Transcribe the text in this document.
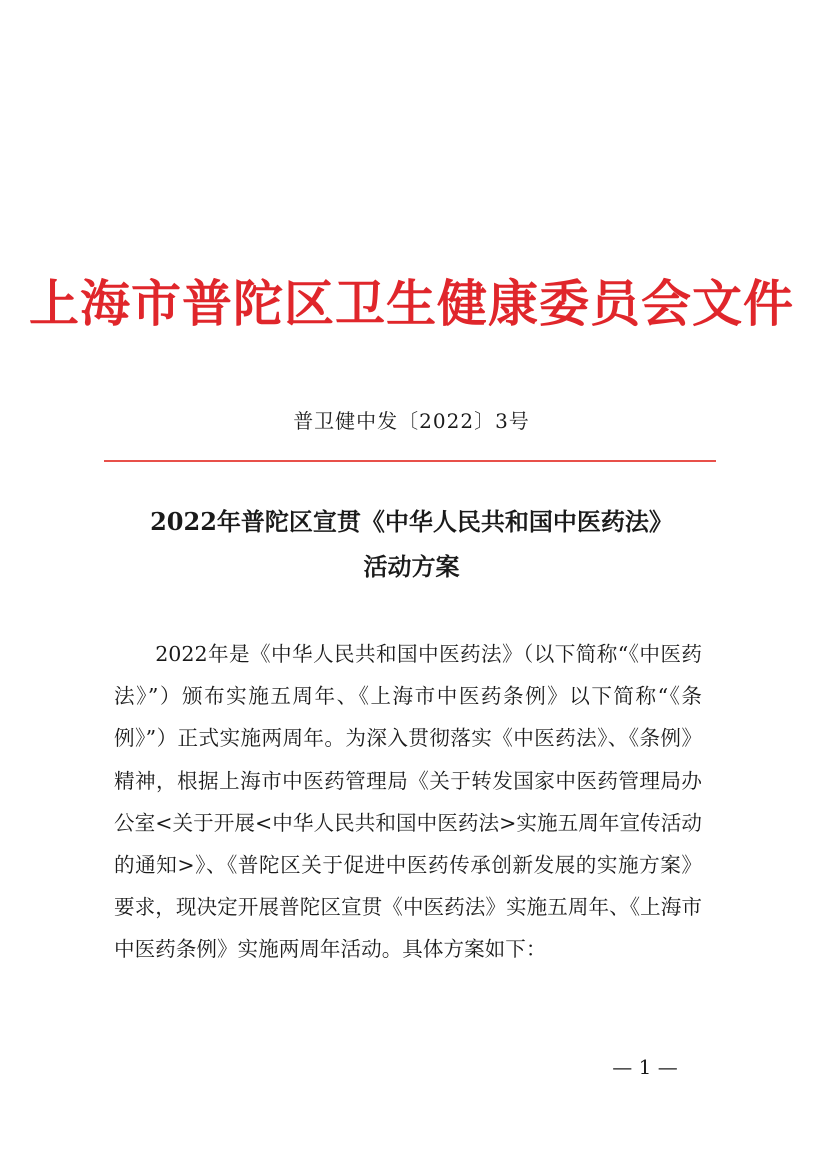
上海市普陀区卫生健康委员会文件
普卫健中发〔2022〕3号
2022年普陀区宣贯《中华人民共和国中医药法》
活动方案

2022年是《中华人民共和国中医药法》（以下简称“《中医药法》”）颁布实施五周年、《上海市中医药条例》以下简称“《条例》”）正式实施两周年。为深入贯彻落实《中医药法》、《条例》精神，根据上海市中医药管理局《关于转发国家中医药管理局办公室<关于开展<中华人民共和国中医药法>实施五周年宣传活动的通知>》、《普陀区关于促进中医药传承创新发展的实施方案》要求，现决定开展普陀区宣贯《中医药法》实施五周年、《上海市中医药条例》实施两周年活动。具体方案如下：

— 1 —
